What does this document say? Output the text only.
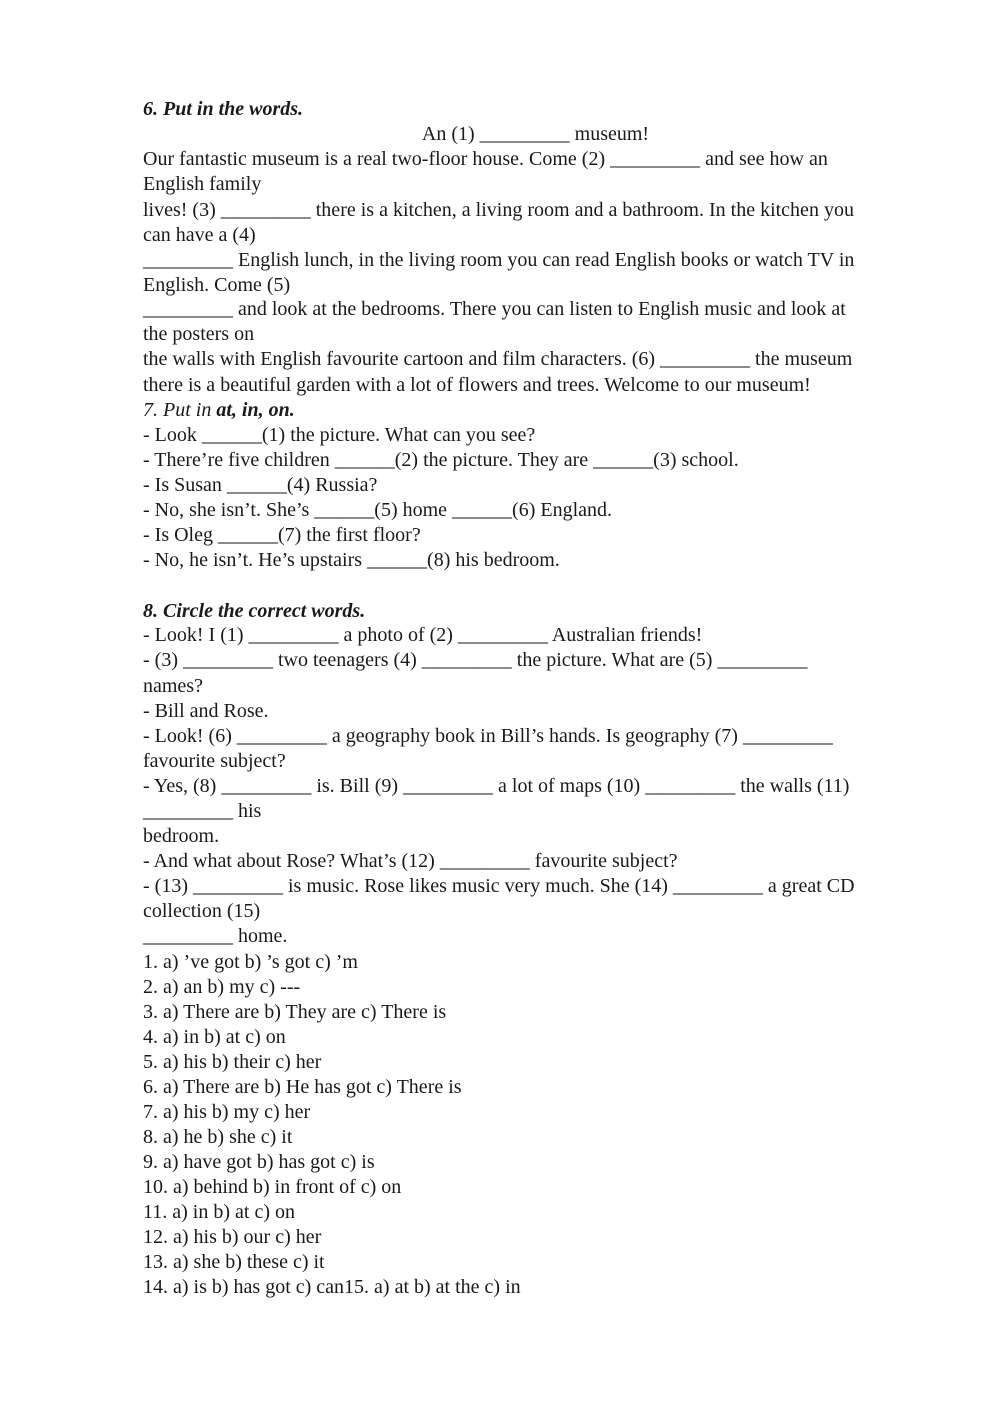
6. Put in the words.
An (1) _________ museum!
Our fantastic museum is a real two-floor house. Come (2) _________ and see how an
English family
lives! (3) _________ there is a kitchen, a living room and a bathroom. In the kitchen you
can have a (4)
_________ English lunch, in the living room you can read English books or watch TV in
English. Come (5)
_________ and look at the bedrooms. There you can listen to English music and look at
the posters on
the walls with English favourite cartoon and film characters. (6) _________ the museum
there is a beautiful garden with a lot of flowers and trees. Welcome to our museum!
7. Put in at, in, on.
- Look ______(1) the picture. What can you see?
- There’re five children ______(2) the picture. They are ______(3) school.
- Is Susan ______(4) Russia?
- No, she isn’t. She’s ______(5) home ______(6) England.
- Is Oleg ______(7) the first floor?
- No, he isn’t. He’s upstairs ______(8) his bedroom.
8. Circle the correct words.
- Look! I (1) _________ a photo of (2) _________ Australian friends!
- (3) _________ two teenagers (4) _________ the picture. What are (5) _________
names?
- Bill and Rose.
- Look! (6) _________ a geography book in Bill’s hands. Is geography (7) _________
favourite subject?
- Yes, (8) _________ is. Bill (9) _________ a lot of maps (10) _________ the walls (11)
_________ his
bedroom.
- And what about Rose? What’s (12) _________ favourite subject?
- (13) _________ is music. Rose likes music very much. She (14) _________ a great CD
collection (15)
_________ home.
1. a) ’ve got b) ’s got c) ’m
2. a) an b) my c) ---
3. a) There are b) They are c) There is
4. a) in b) at c) on
5. a) his b) their c) her
6. a) There are b) He has got c) There is
7. a) his b) my c) her
8. a) he b) she c) it
9. a) have got b) has got c) is
10. a) behind b) in front of c) on
11. a) in b) at c) on
12. a) his b) our c) her
13. a) she b) these c) it
14. a) is b) has got c) can15. a) at b) at the c) in
